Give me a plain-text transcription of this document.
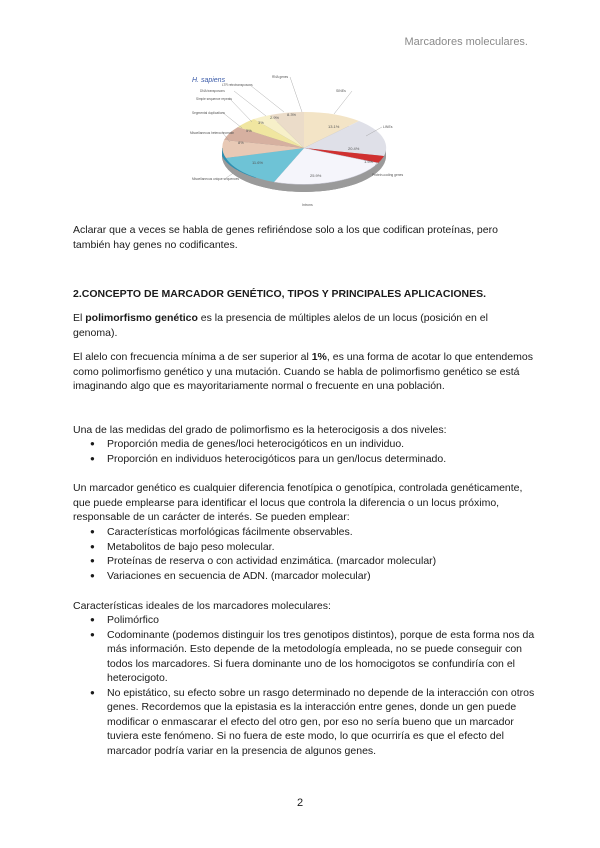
Marcadores moleculares.
13.1%
20.4%
1.5%
25.9%
11.6%
8%
5%
3%
2.9%
8.3%
H. sapiens
SINEs
LINEs
Protein-coding genes
Introns
Miscellaneous unique sequences
Miscellaneous heterochromatin
Segmental duplications
Simple sequence repeats
DNA transposons
LTR retrotransposons
RNA genes

Aclarar que a veces se habla de genes refiriéndose solo a los que codifican proteínas, pero también hay genes no codificantes.

2.CONCEPTO DE MARCADOR GENÉTICO, TIPOS Y PRINCIPALES APLICACIONES.

El polimorfismo genético es la presencia de múltiples alelos de un locus (posición en el genoma).

El alelo con frecuencia mínima a de ser superior al 1%, es una forma de acotar lo que entendemos como polimorfismo genético y una mutación. Cuando se habla de polimorfismo genético se está imaginando algo que es mayoritariamente normal o frecuente en una población.

Una de las medidas del grado de polimorfismo es la heterocigosis a dos niveles:

● Proporción media de genes/loci heterocigóticos en un individuo.
● Proporción en individuos heterocigóticos para un gen/locus determinado.

Un marcador genético es cualquier diferencia fenotípica o genotípica, controlada genéticamente, que puede emplearse para identificar el locus que controla la diferencia o un locus próximo, responsable de un carácter de interés. Se pueden emplear:

● Características morfológicas fácilmente observables.
● Metabolitos de bajo peso molecular.
● Proteínas de reserva o con actividad enzimática. (marcador molecular)
● Variaciones en secuencia de ADN. (marcador molecular)

Características ideales de los marcadores moleculares:

● Polimórfico
● Codominante (podemos distinguir los tres genotipos distintos), porque de esta forma nos da más información. Esto depende de la metodología empleada, no se puede conseguir con todos los marcadores. Si fuera dominante uno de los homocigotos se confundiría con el heterocigoto.
● No epistático, su efecto sobre un rasgo determinado no depende de la interacción con otros genes. Recordemos que la epistasia es la interacción entre genes, donde un gen puede modificar o enmascarar el efecto del otro gen, por eso no sería bueno que un marcador tuviera este fenómeno. Si no fuera de este modo, lo que ocurriría es que el efecto del marcador podría variar en la presencia de algunos genes.
2
